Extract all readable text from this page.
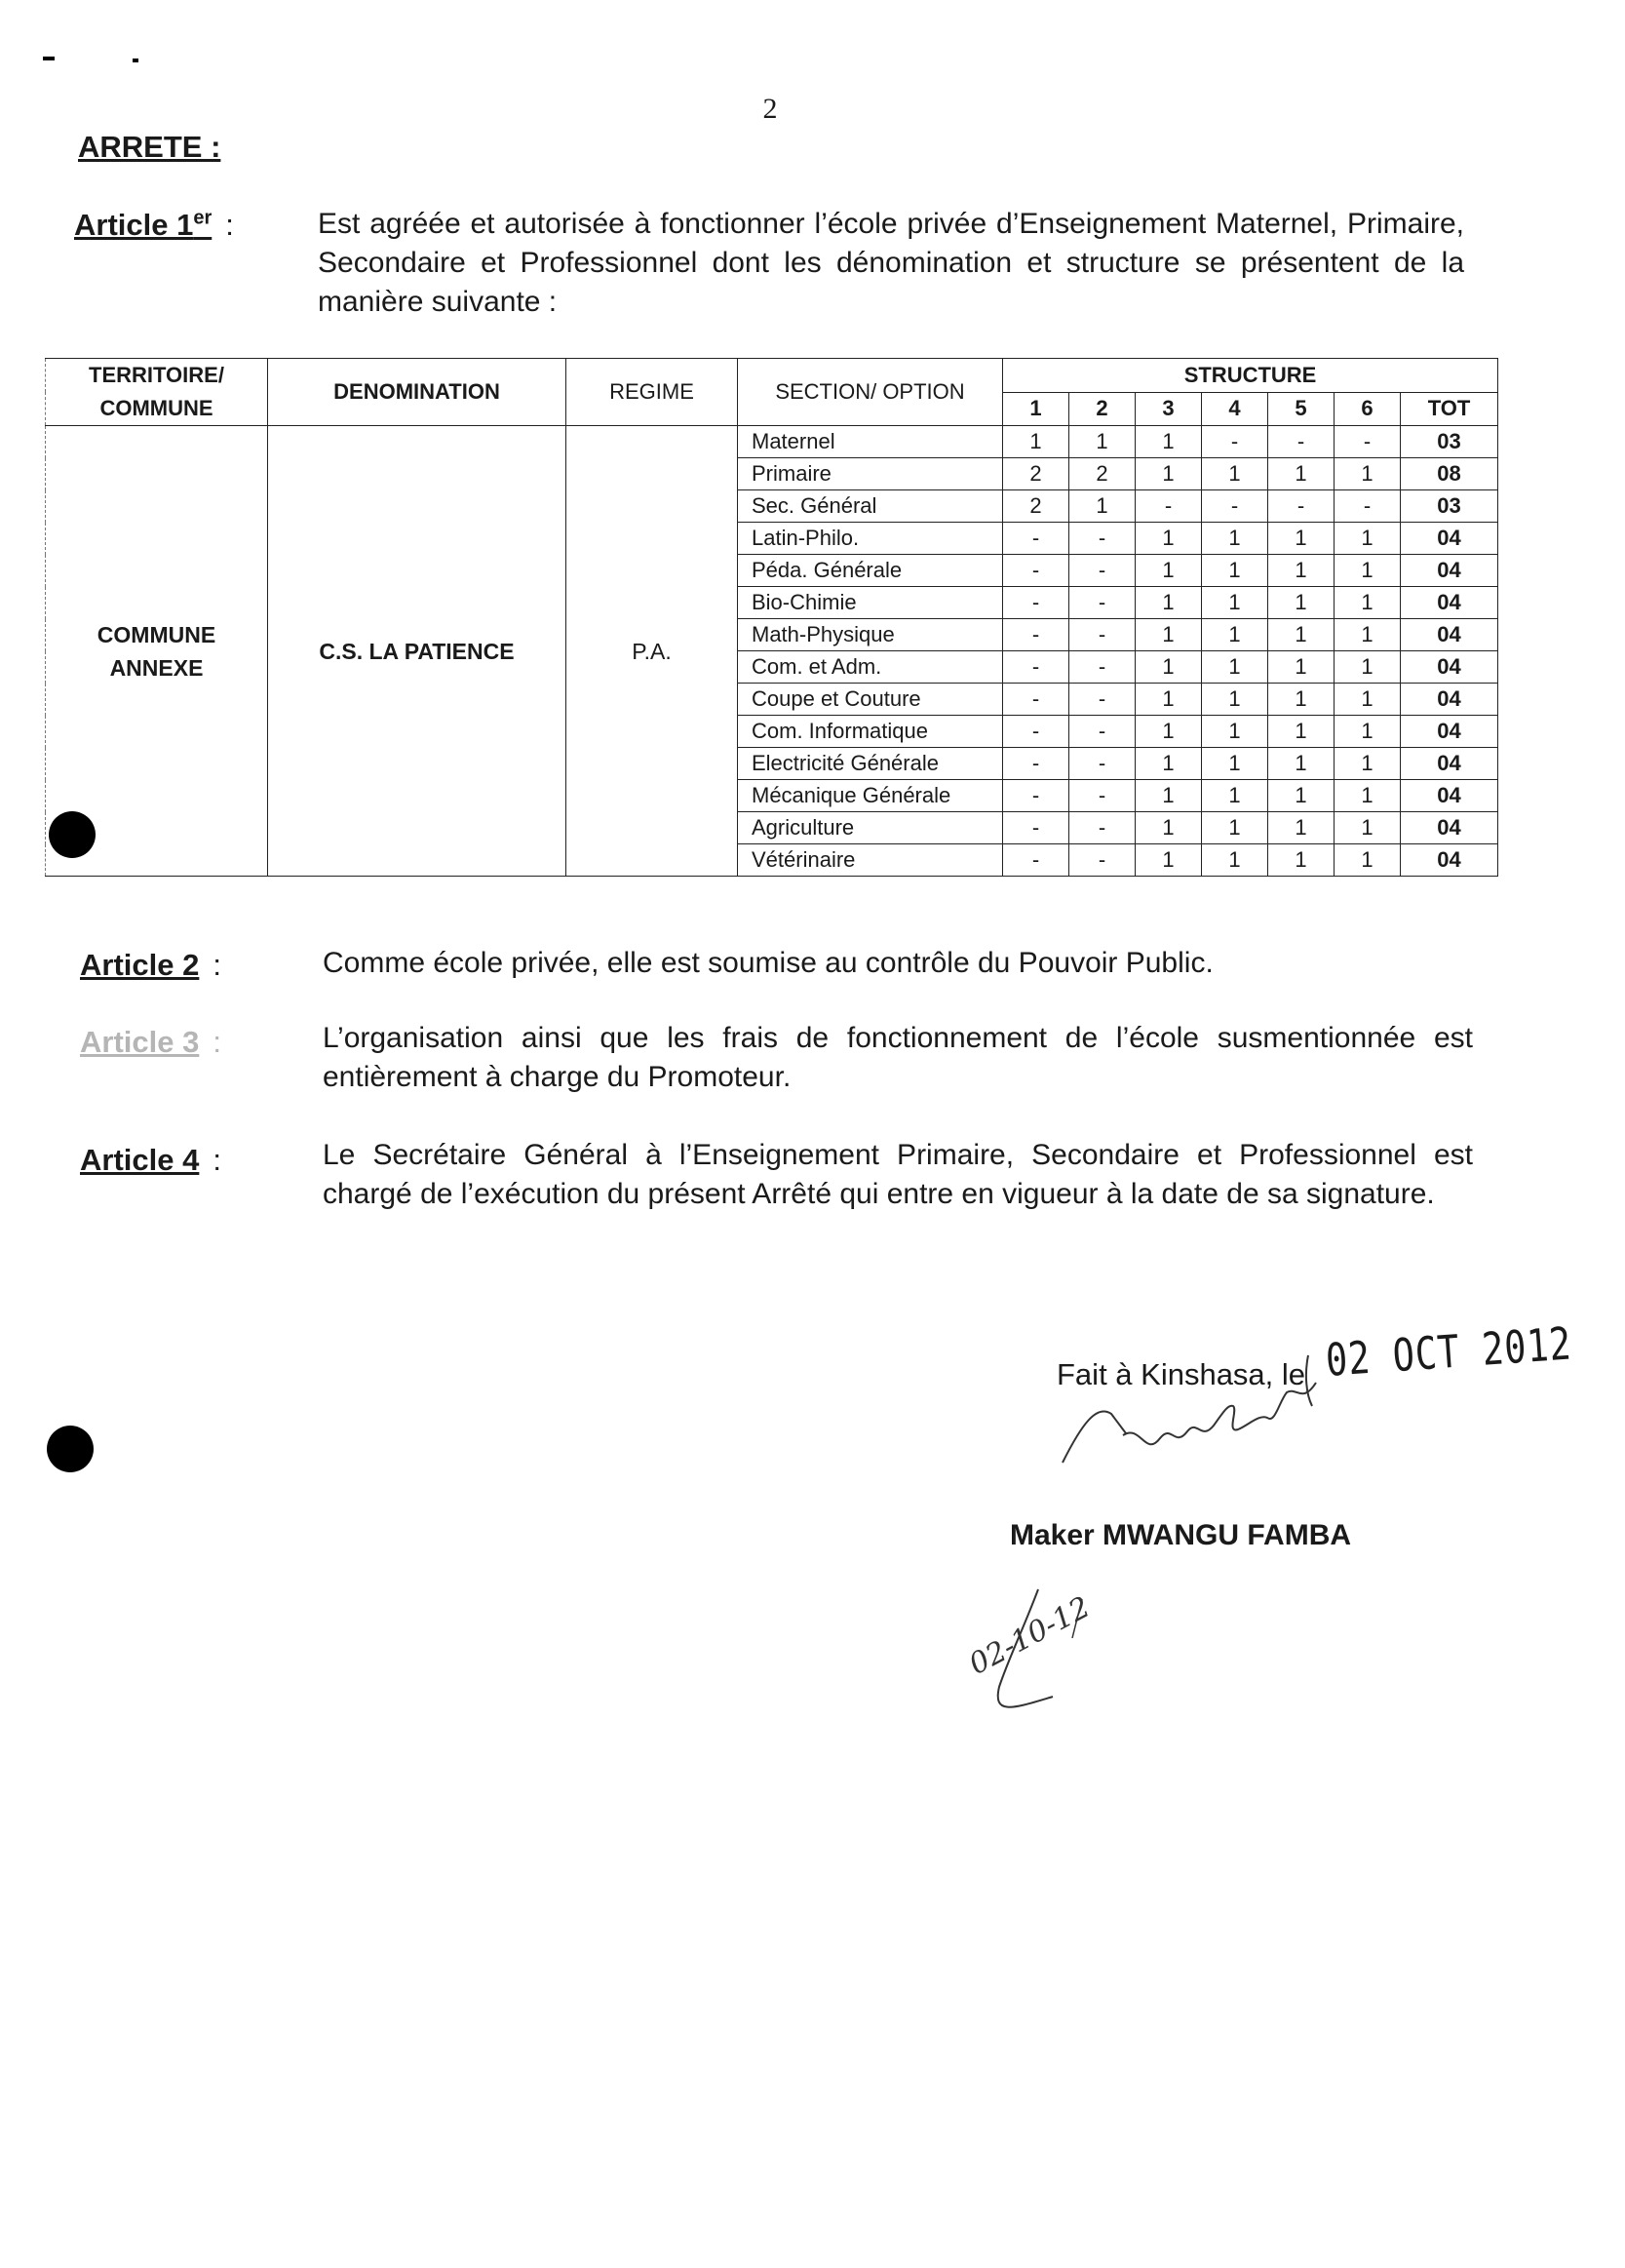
2
ARRETE :
Article 1er :	Est agréée et autorisée à fonctionner l’école privée d’Enseignement Maternel, Primaire, Secondaire et Professionnel dont les dénomination et structure se présentent de la manière suivante :
TERRITOIRE/ COMMUNE	DENOMINATION	REGIME	SECTION/ OPTION	STRUCTURE						
				1	2	3	4	5	6	TOT
COMMUNE ANNEXE	C.S. LA PATIENCE	P.A.	Maternel	1	1	1	-	-	-	03
			Primaire	2	2	1	1	1	1	08
			Sec. Général	2	1	-	-	-	-	03
			Latin-Philo.	-	-	1	1	1	1	04
			Péda. Générale	-	-	1	1	1	1	04
			Bio-Chimie	-	-	1	1	1	1	04
			Math-Physique	-	-	1	1	1	1	04
			Com. et Adm.	-	-	1	1	1	1	04
			Coupe et Couture	-	-	1	1	1	1	04
			Com. Informatique	-	-	1	1	1	1	04
			Electricité Générale	-	-	1	1	1	1	04
			Mécanique Générale	-	-	1	1	1	1	04
			Agriculture	-	-	1	1	1	1	04
			Vétérinaire	-	-	1	1	1	1	04
Article 2 :	Comme école privée, elle est soumise au contrôle du Pouvoir Public.
Article 3 :	L’organisation ainsi que les frais de fonctionnement de l’école susmentionnée est entièrement à charge du Promoteur.
Article 4 :	Le Secrétaire Général à l’Enseignement Primaire, Secondaire et Professionnel est chargé de l’exécution du présent Arrêté qui entre en vigueur à la date de sa signature.
Fait à Kinshasa, le 02 OCT 2012
02-10-12
Maker MWANGU FAMBA
